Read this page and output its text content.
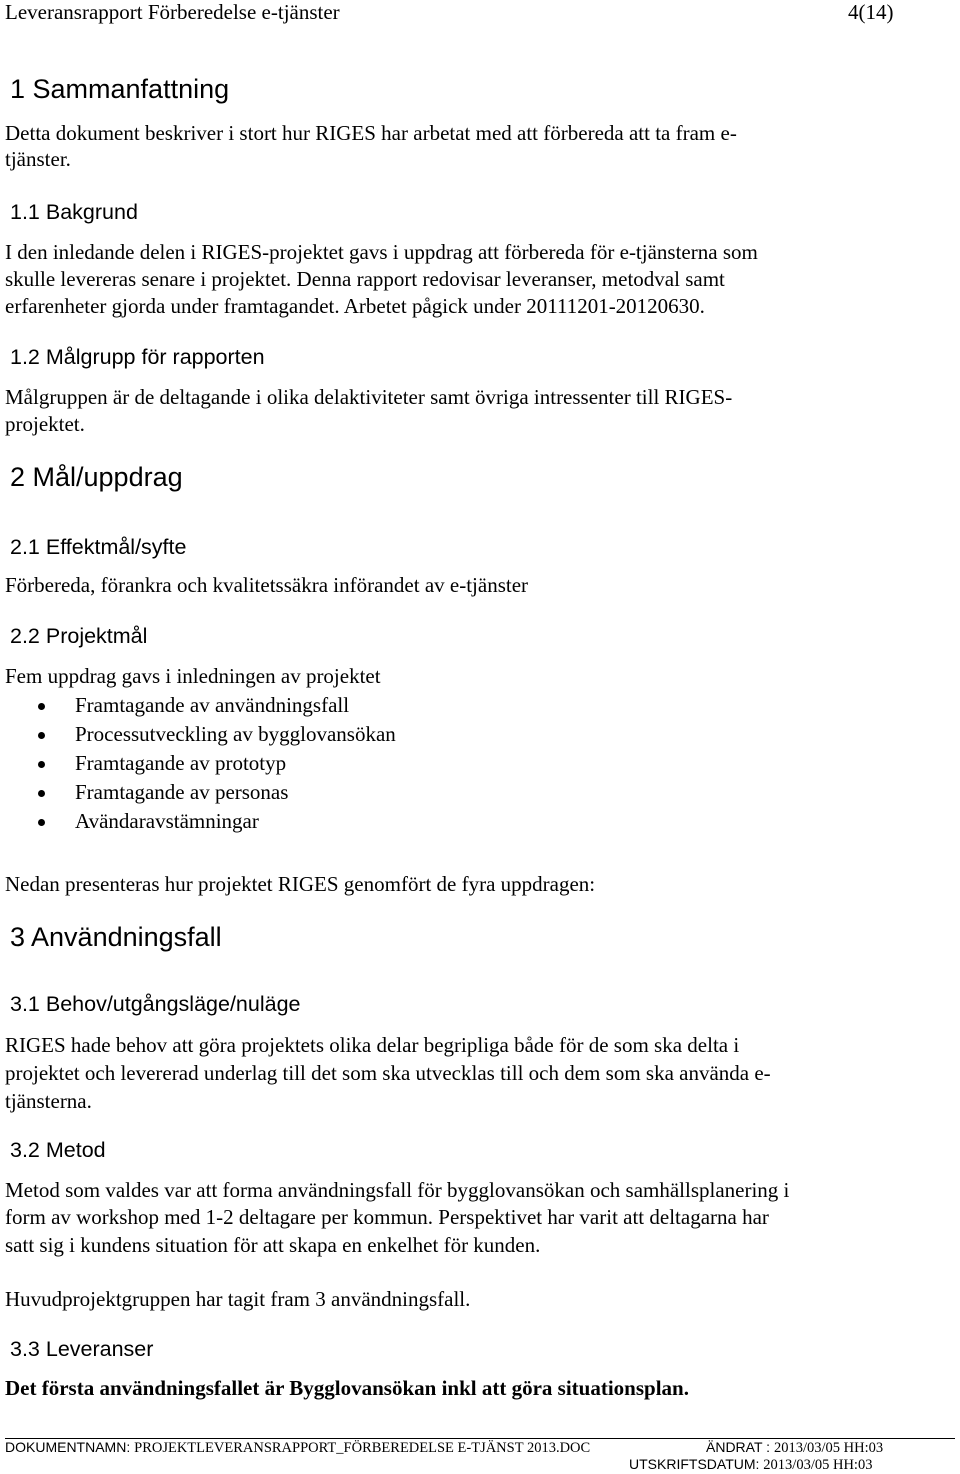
Leveransrapport Förberedelse e-tjänster	4(14)
1 Sammanfattning
Detta dokument beskriver i stort hur RIGES har arbetat med att förbereda att ta fram e-
tjänster.
1.1 Bakgrund
I den inledande delen i RIGES-projektet gavs i uppdrag att förbereda för e-tjänsterna som
skulle levereras senare i projektet. Denna rapport redovisar leveranser, metodval samt
erfarenheter gjorda under framtagandet. Arbetet pågick under 20111201-20120630.
1.2 Målgrupp för rapporten
Målgruppen är de deltagande i olika delaktiviteter samt övriga intressenter till RIGES-
projektet.
2 Mål/uppdrag
2.1 Effektmål/syfte
Förbereda, förankra och kvalitetssäkra införandet av e-tjänster
2.2 Projektmål
Fem uppdrag gavs i inledningen av projektet
Framtagande av användningsfall
Processutveckling av bygglovansökan
Framtagande av prototyp
Framtagande av personas
Avändaravstämningar
Nedan presenteras hur projektet RIGES genomfört de fyra uppdragen:
3 Användningsfall
3.1 Behov/utgångsläge/nuläge
RIGES hade behov att göra projektets olika delar begripliga både för de som ska delta i
projektet och levererad underlag till det som ska utvecklas till och dem som ska använda e-
tjänsterna.
3.2 Metod
Metod som valdes var att forma användningsfall för bygglovansökan och samhällsplanering i
form av workshop med 1-2 deltagare per kommun. Perspektivet har varit att deltagarna har
satt sig i kundens situation för att skapa en enkelhet för kunden.
Huvudprojektgruppen har tagit fram 3 användningsfall.
3.3 Leveranser
Det första användningsfallet är Bygglovansökan inkl att göra situationsplan.
DOKUMENTNAMN: PROJEKTLEVERANSRAPPORT_FÖRBEREDELSE E-TJÄNST 2013.DOC	ÄNDRAT : 2013/03/05 HH:03
UTSKRIFTSDATUM: 2013/03/05 HH:03
